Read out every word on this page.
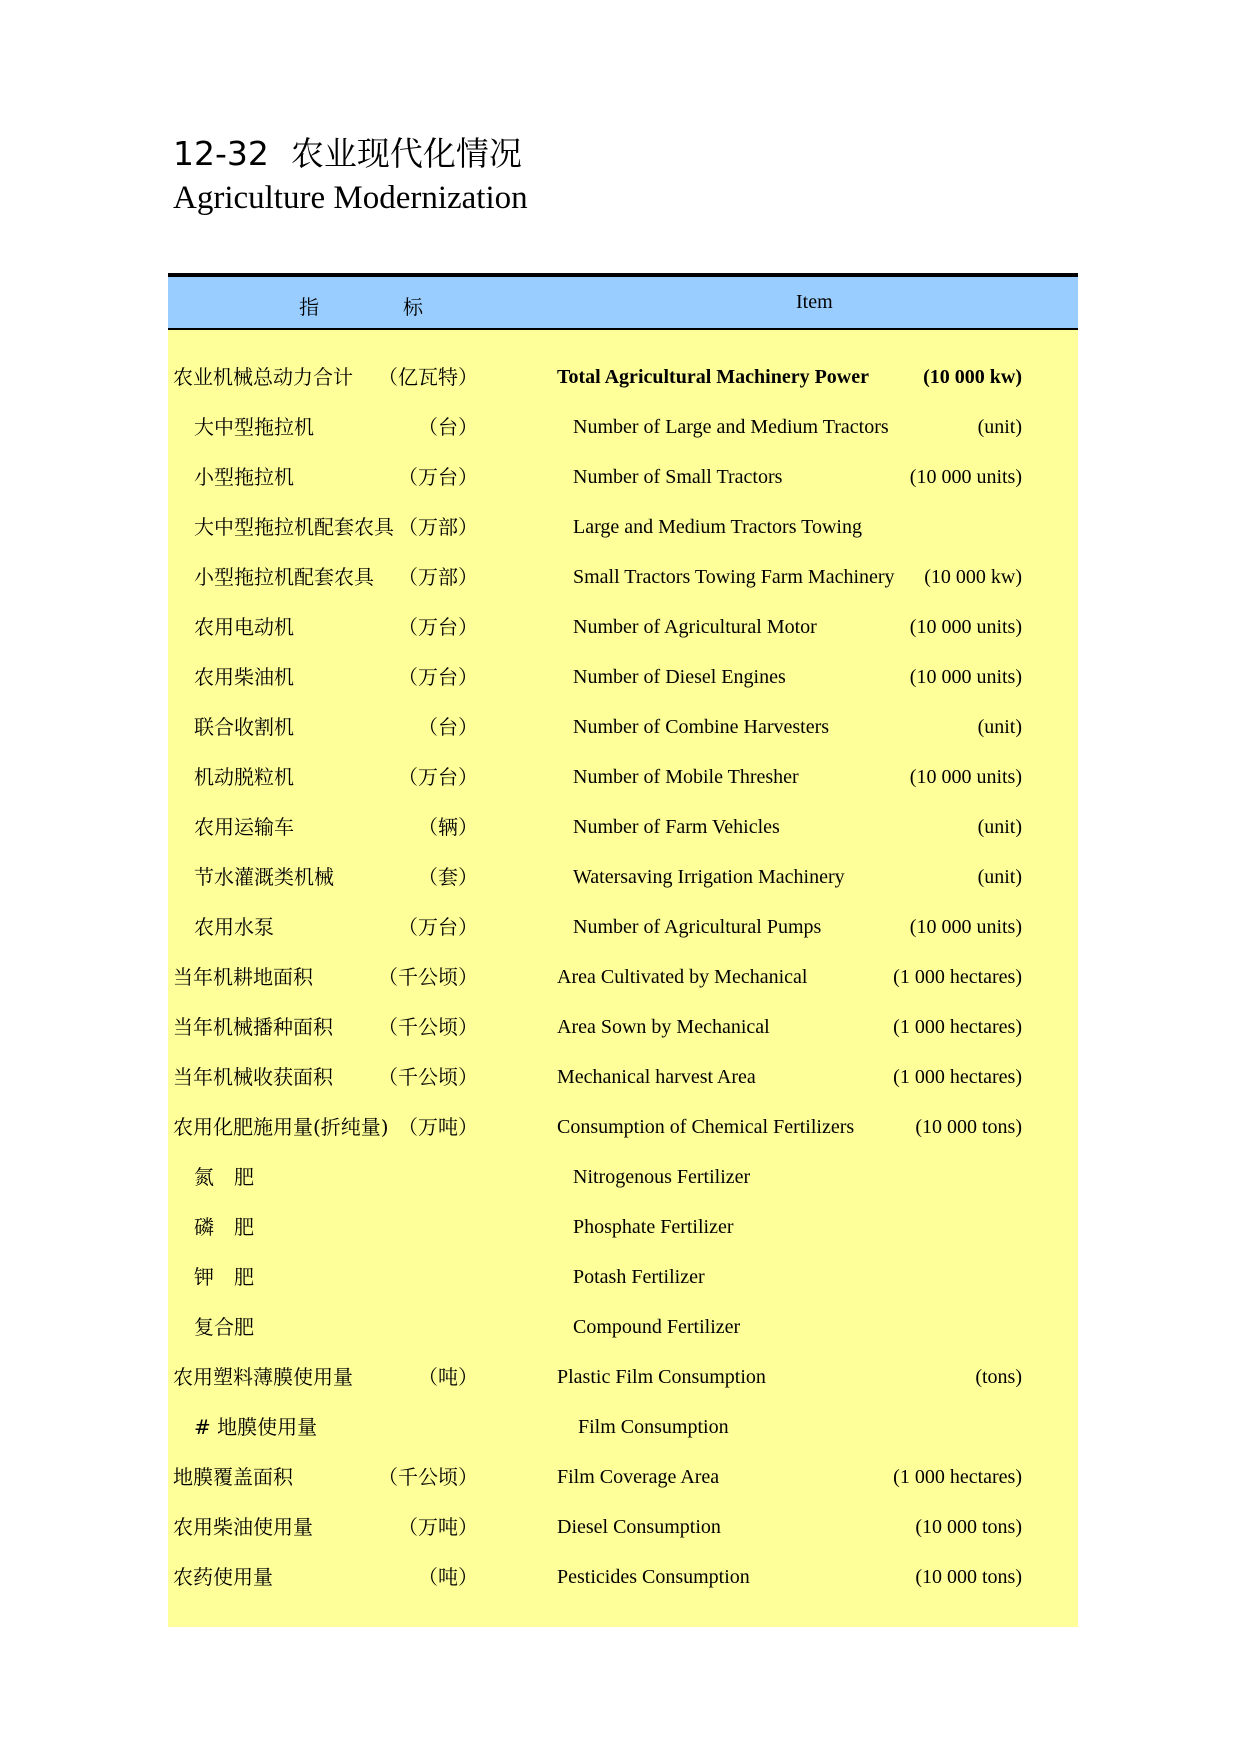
12-32 农业现代化情况
Agriculture Modernization
指	标	Item
农业机械总动力合计 （亿瓦特）	Total Agricultural Machinery Power	(10 000 kw)
大中型拖拉机	（台）	Number of Large and Medium Tractors	(unit)
小型拖拉机	（万台）	Number of Small Tractors	(10 000 units)
大中型拖拉机配套农具 （万部）	Large and Medium Tractors Towing
小型拖拉机配套农具 （万部）	Small Tractors Towing Farm Machinery (10 000 kw)
农用电动机	（万台）	Number of Agricultural Motor	(10 000 units)
农用柴油机	（万台）	Number of Diesel Engines	(10 000 units)
联合收割机	（台）	Number of Combine Harvesters	(unit)
机动脱粒机	（万台）	Number of Mobile Thresher	(10 000 units)
农用运输车	（辆）	Number of Farm Vehicles	(unit)
节水灌溉类机械	（套）	Watersaving Irrigation Machinery	(unit)
农用水泵	（万台）	Number of Agricultural Pumps	(10 000 units)
当年机耕地面积	（千公顷）	Area Cultivated by Mechanical	(1 000 hectares)
当年机械播种面积 （千公顷）	Area Sown by Mechanical	(1 000 hectares)
当年机械收获面积 （千公顷）	Mechanical harvest Area	(1 000 hectares)
农用化肥施用量(折纯量) （万吨）	Consumption of Chemical Fertilizers	(10 000 tons)
氮　肥	Nitrogenous Fertilizer
磷　肥	Phosphate Fertilizer
钾　肥	Potash Fertilizer
复合肥	Compound Fertilizer
农用塑料薄膜使用量	（吨）	Plastic Film Consumption	(tons)
# 地膜使用量	Film Consumption
地膜覆盖面积	（千公顷）	Film Coverage Area	(1 000 hectares)
农用柴油使用量	（万吨）	Diesel Consumption	(10 000 tons)
农药使用量	（吨）	Pesticides Consumption	(10 000 tons)
